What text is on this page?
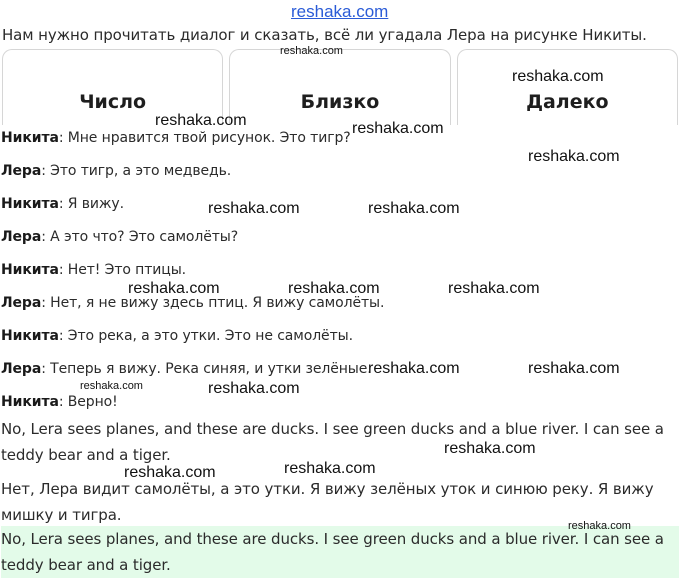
Нам нужно прочитать диалог и сказать, всё ли угадала Лера на рисунке Никиты.
Число	Близко	Далеко
Никита: Мне нравится твой рисунок. Это тигр?
Лера: Это тигр, а это медведь.
Никита: Я вижу.
Лера: А это что? Это самолёты?
Никита: Нет! Это птицы.
Лера: Нет, я не вижу здесь птиц. Я вижу самолёты.
Никита: Это река, а это утки. Это не самолёты.
Лера: Теперь я вижу. Река синяя, и утки зелёные.
Никита: Верно!
No, Lera sees planes, and these are ducks. I see green ducks and a blue river. I can see a teddy bear and a tiger.
Нет, Лера видит самолёты, а это утки. Я вижу зелёных уток и синюю реку. Я вижу мишку и тигра.
No, Lera sees planes, and these are ducks. I see green ducks and a blue river. I can see a teddy bear and a tiger.
reshaka.com
reshaka.com
reshaka.com
reshaka.com	reshaka.com
reshaka.com
reshaka.com	reshaka.com
reshaka.com	reshaka.com	reshaka.com
reshaka.com	reshaka.com
reshaka.com	reshaka.com
reshaka.com
reshaka.com
reshaka.com
reshaka.com
